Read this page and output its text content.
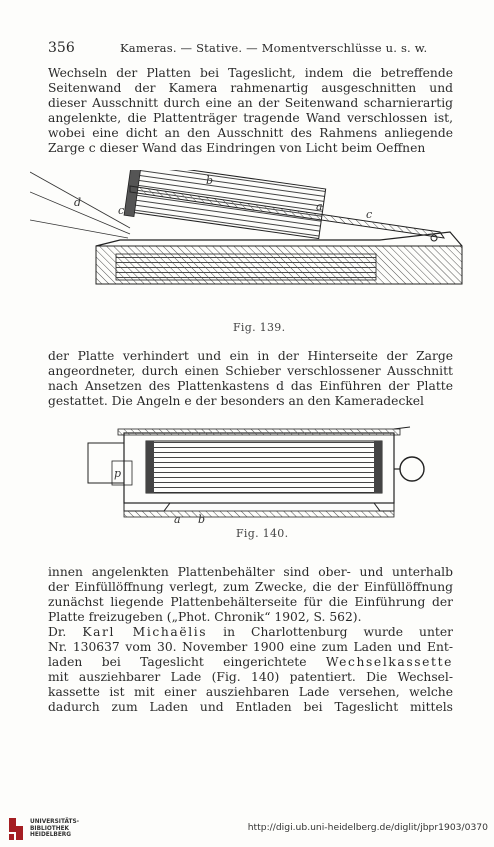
356	Kameras. — Stative. — Momentverschlüsse u. s. w.

Wechseln der Platten bei Tageslicht, indem die betreffende
Seitenwand der Kamera rahmenartig ausgeschnitten und
dieser Ausschnitt durch eine an der Seitenwand scharnierartig
angelenkte, die Plattenträger tragende Wand verschlossen ist,
wobei eine dicht an den Ausschnitt des Rahmens anliegende
Zarge c dieser Wand das Eindringen von Licht beim Oeffnen

b
d
c	a
c
Fig. 139.

der Platte verhindert und ein in der Hinterseite der Zarge
angeordneter, durch einen Schieber verschlossener Ausschnitt
nach Ansetzen des Plattenkastens d das Einführen der Platte
gestattet. Die Angeln e der besonders an den Kameradeckel

p
a b
Fig. 140.

innen angelenkten Plattenbehälter sind ober- und unterhalb
der Einfüllöffnung verlegt, zum Zwecke, die der Einfüllöffnung
zunächst liegende Plattenbehälterseite für die Einführung der
Platte freizugeben („Phot. Chronik“ 1902, S. 562).
Dr. Karl Michaëlis in Charlottenburg wurde unter
Nr. 130637 vom 30. November 1900 eine zum Laden und Ent-
laden bei Tageslicht eingerichtete Wechselkassette
mit ausziehbarer Lade (Fig. 140) patentiert. Die Wechsel-
kassette ist mit einer ausziehbaren Lade versehen, welche
dadurch zum Laden und Entladen bei Tageslicht mittels

UNIVERSITÄTS-
BIBLIOTHEK
HEIDELBERG
http://digi.ub.uni-heidelberg.de/diglit/jbpr1903/0370
